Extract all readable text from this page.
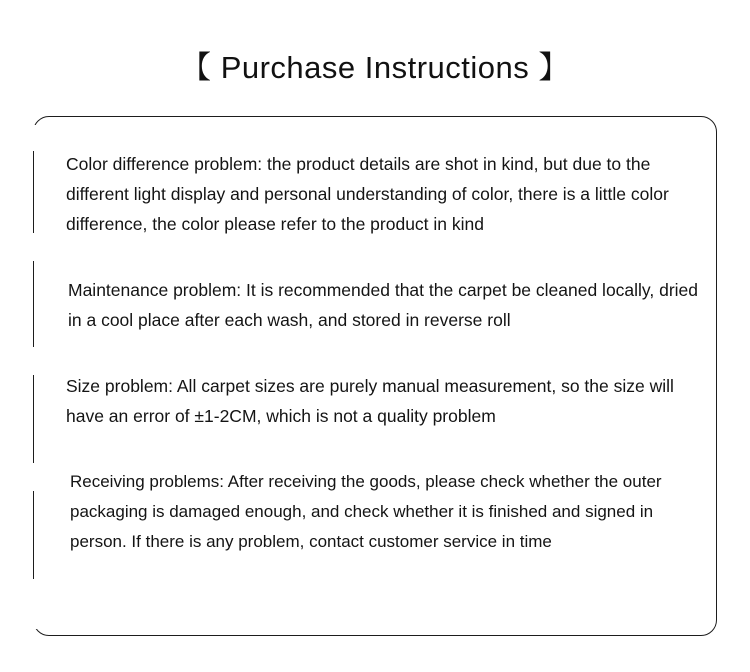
【 Purchase Instructions 】

Color difference problem: the product details are shot in kind, but due to the different light display and personal understanding of color, there is a little color difference, the color please refer to the product in kind

Maintenance problem: It is recommended that the carpet be cleaned locally, dried in a cool place after each wash, and stored in reverse roll

Size problem: All carpet sizes are purely manual measurement, so the size will have an error of ±1-2CM, which is not a quality problem

Receiving problems: After receiving the goods, please check whether the outer packaging is damaged enough, and check whether it is finished and signed in person. If there is any problem, contact customer service in time
